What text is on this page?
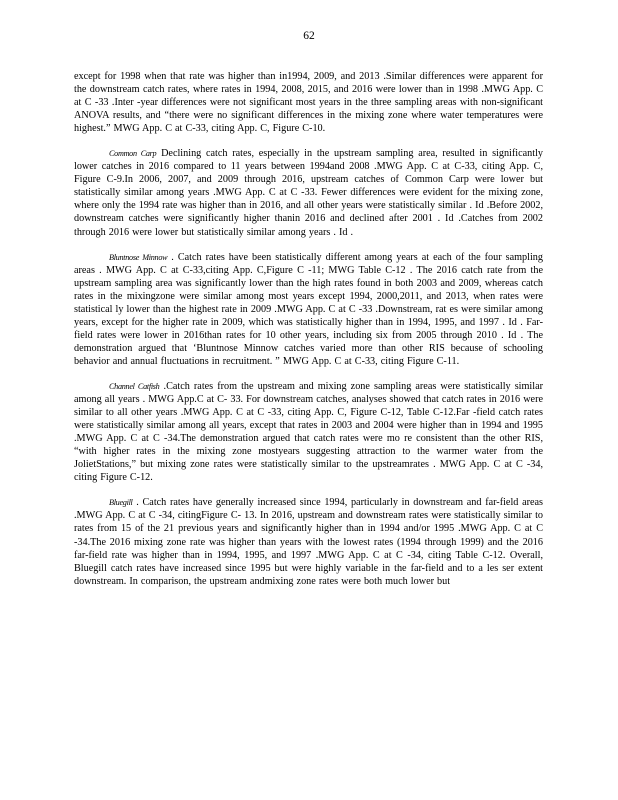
62

except for 1998 when that rate was higher than in1994, 2009, and 2013 .Similar differences were apparent for the downstream catch rates, where rates in 1994, 2008, 2015, and 2016 were lower than in 1998 .MWG App. C at C -33 .Inter -year differences were not significant most years in the three sampling areas with non-significant ANOVA results, and “there were no significant differences in the mixing zone where water temperatures were highest.” MWG App. C at C-33, citing App. C, Figure C-10.

Common Carp Declining catch rates, especially in the upstream sampling area, resulted in significantly lower catches in 2016 compared to 11 years between 1994and 2008 .MWG App. C at C-33, citing App. C, Figure C-9.In 2006, 2007, and 2009 through 2016, upstream catches of Common Carp were lower but statistically similar among years .MWG App. C at C -33. Fewer differences were evident for the mixing zone, where only the 1994 rate was higher than in 2016, and all other years were statistically similar . Id .Before 2002, downstream catches were significantly higher thanin 2016 and declined after 2001 . Id .Catches from 2002 through 2016 were lower but statistically similar among years . Id .

Bluntnose Minnow . Catch rates have been statistically different among years at each of the four sampling areas . MWG App. C at C-33,citing App. C,Figure C -11; MWG Table C-12 . The 2016 catch rate from the upstream sampling area was significantly lower than the high rates found in both 2003 and 2009, whereas catch rates in the mixingzone were similar among most years except 1994, 2000,2011, and 2013, when rates were statistical ly lower than the highest rate in 2009 .MWG App. C at C -33 .Downstream, rat es were similar among years, except for the higher rate in 2009, which was statistically higher than in 1994, 1995, and 1997 . Id . Far-field rates were lower in 2016than rates for 10 other years, including six from 2005 through 2010 . Id . The demonstration argued that ‘Bluntnose Minnow catches varied more than other RIS because of schooling behavior and annual fluctuations in recruitment. ” MWG App. C at C-33, citing Figure C-11.

Channel Catfish .Catch rates from the upstream and mixing zone sampling areas were statistically similar among all years . MWG App.C at C- 33. For downstream catches, analyses showed that catch rates in 2016 were similar to all other years .MWG App. C at C -33, citing App. C, Figure C-12, Table C-12.Far -field catch rates were statistically similar among all years, except that rates in 2003 and 2004 were higher than in 1994 and 1995 .MWG App. C at C -34.The demonstration argued that catch rates were mo re consistent than the other RIS, “with higher rates in the mixing zone mostyears suggesting attraction to the warmer water from the JolietStations,” but mixing zone rates were statistically similar to the upstreamrates . MWG App. C at C -34, citing Figure C-12.

Bluegill . Catch rates have generally increased since 1994, particularly in downstream and far-field areas .MWG App. C at C -34, citingFigure C- 13. In 2016, upstream and downstream rates were statistically similar to rates from 15 of the 21 previous years and significantly higher than in 1994 and/or 1995 .MWG App. C at C -34.The 2016 mixing zone rate was higher than years with the lowest rates (1994 through 1999) and the 2016 far-field rate was higher than in 1994, 1995, and 1997 .MWG App. C at C -34, citing Table C-12. Overall, Bluegill catch rates have increased since 1995 but were highly variable in the far-field and to a les ser extent downstream. In comparison, the upstream andmixing zone rates were both much lower but
